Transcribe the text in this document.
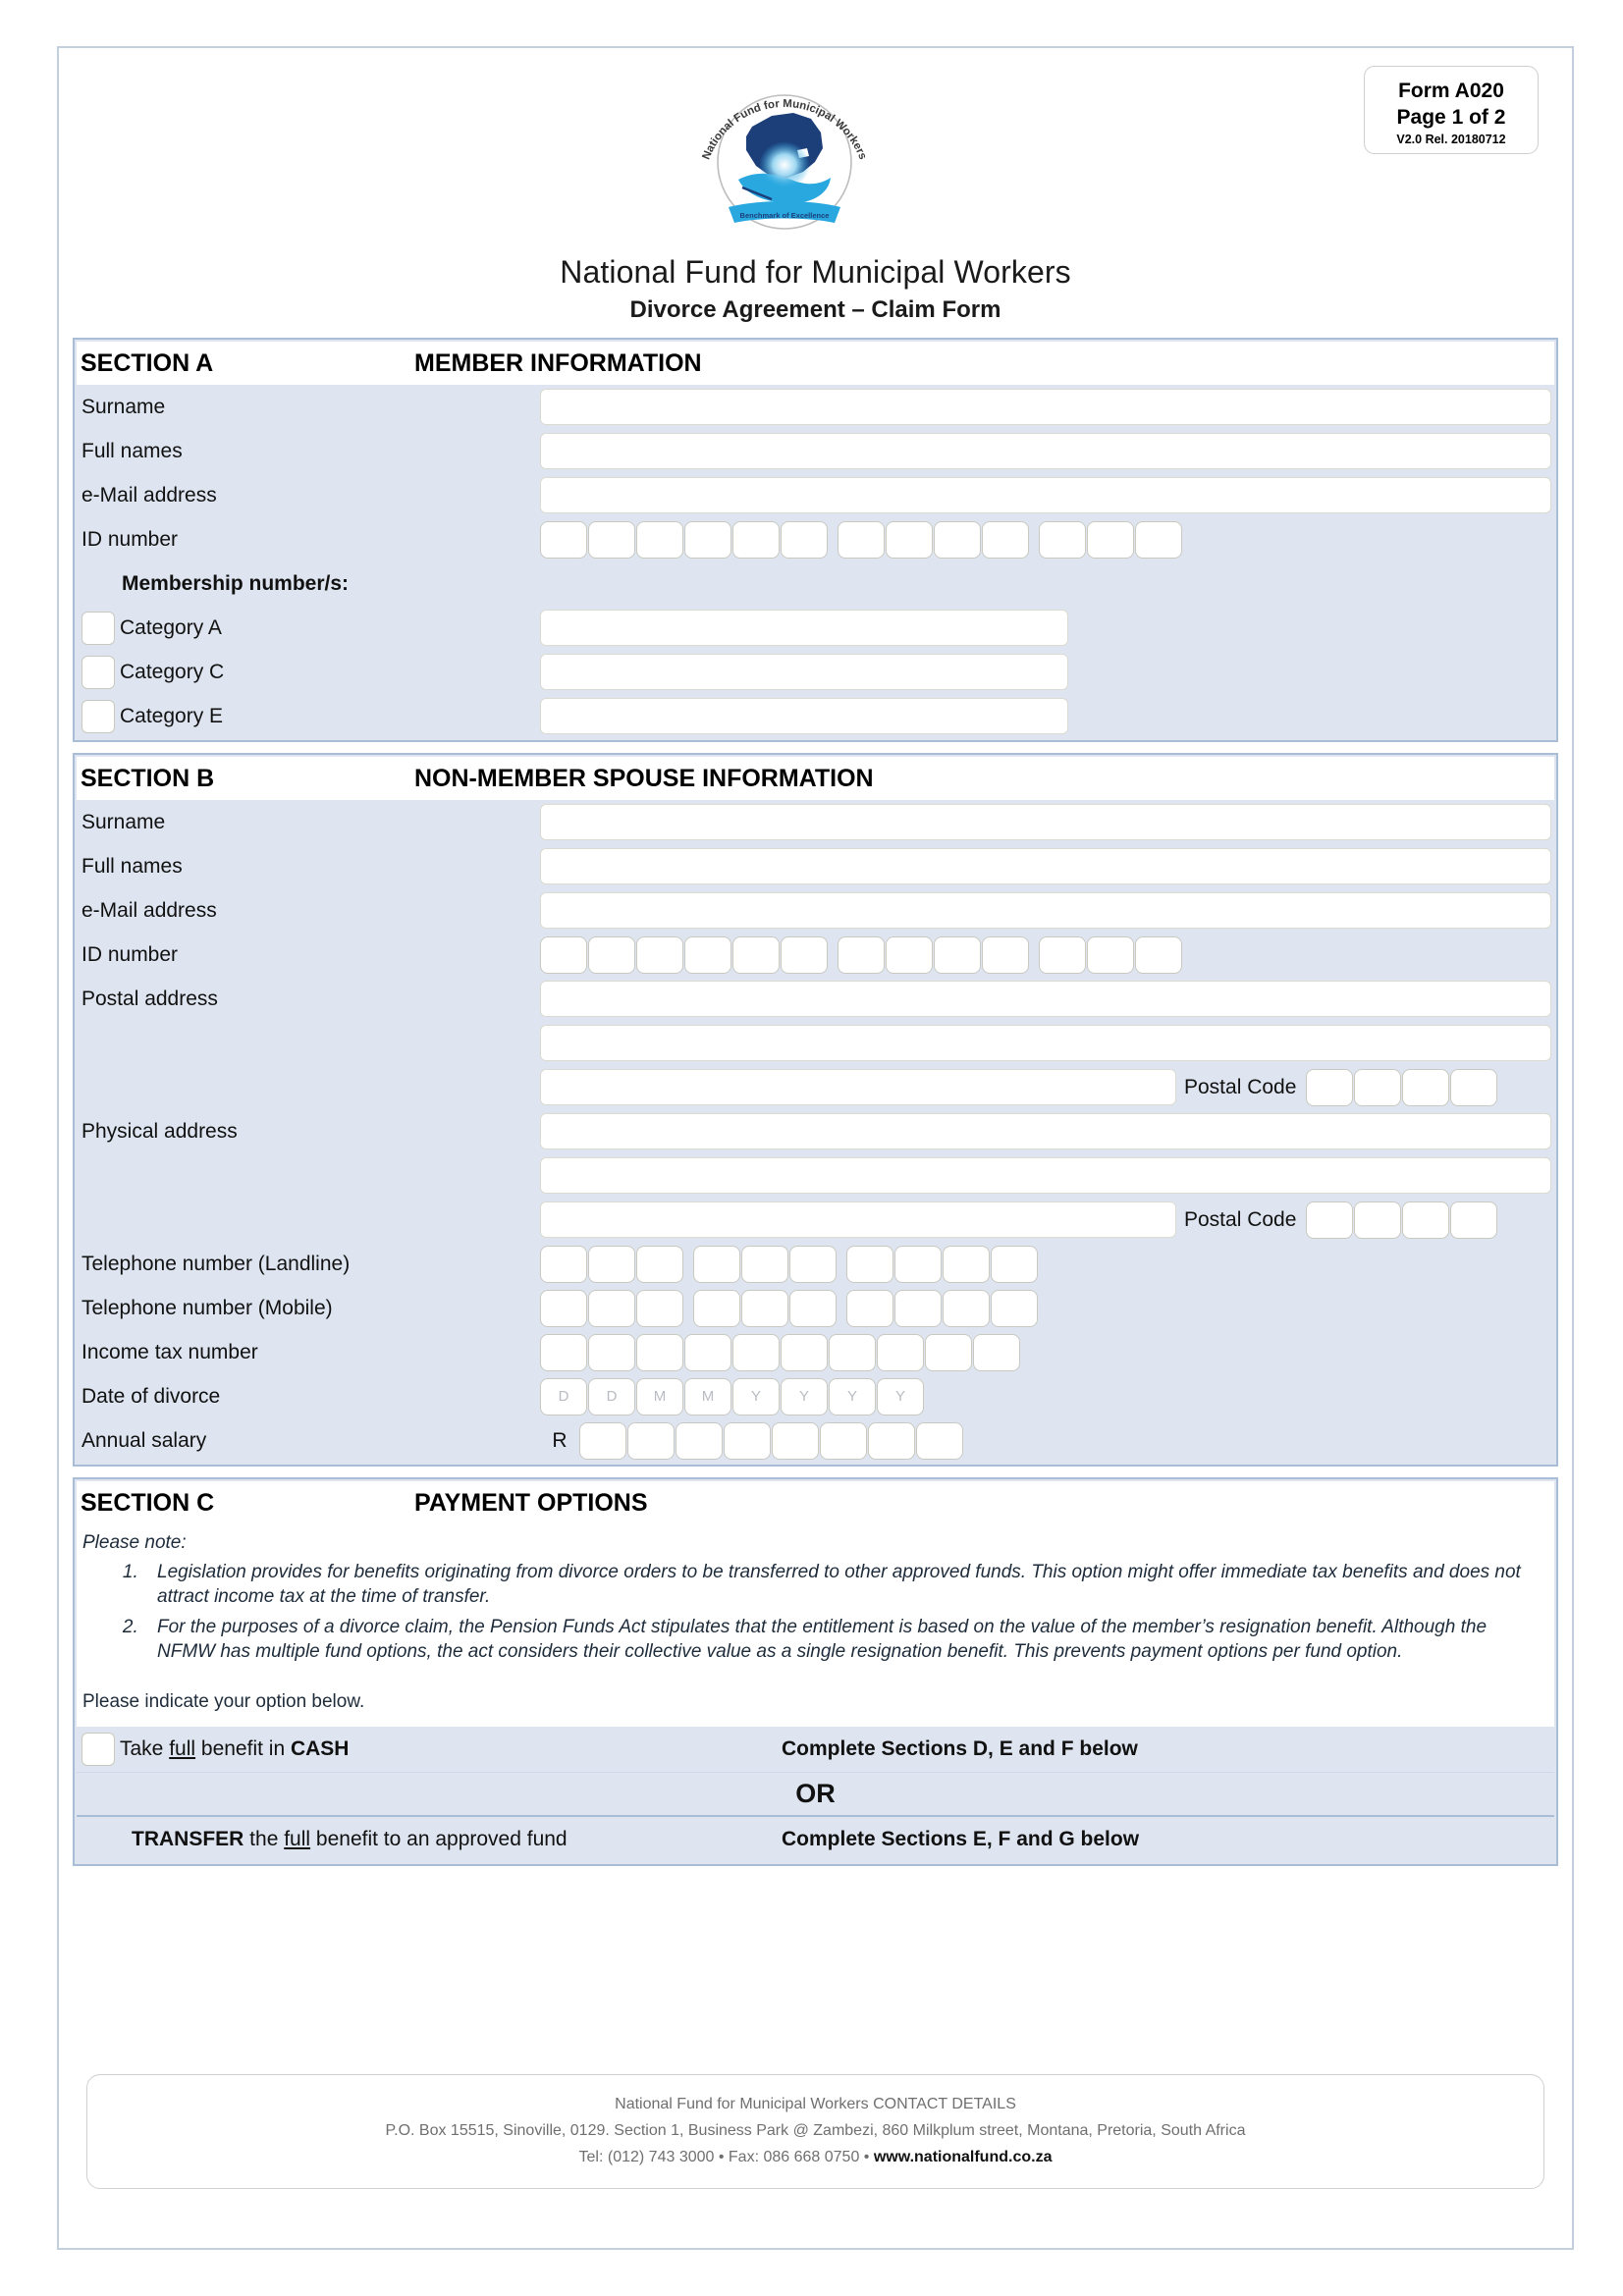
Benchmark of Excellence
National Fund for Municipal Workers
Form A020
Page 1 of 2
V2.0 Rel. 20180712
National Fund for Municipal Workers
Divorce Agreement – Claim Form
SECTION A	MEMBER INFORMATION
Surname
Full names
e-Mail address
ID number
Membership number/s:
Category A
Category C
Category E
SECTION B	NON-MEMBER SPOUSE INFORMATION
Surname
Full names
e-Mail address
ID number
Postal address
Postal Code
Physical address
Postal Code
Telephone number (Landline)
Telephone number (Mobile)
Income tax number
Date of divorce	D	D	M	M	Y	Y	Y	Y
Annual salary	R
SECTION C	PAYMENT OPTIONS
Please note:
1. Legislation provides for benefits originating from divorce orders to be transferred to other approved funds. This option might offer immediate tax benefits and does not attract income tax at the time of transfer.
2. For the purposes of a divorce claim, the Pension Funds Act stipulates that the entitlement is based on the value of the member’s resignation benefit. Although the NFMW has multiple fund options, the act considers their collective value as a single resignation benefit. This prevents payment options per fund option.
Please indicate your option below.
Take full benefit in CASH	Complete Sections D, E and F below
OR
TRANSFER the full benefit to an approved fund	Complete Sections E, F and G below
National Fund for Municipal Workers CONTACT DETAILS
P.O. Box 15515, Sinoville, 0129. Section 1, Business Park @ Zambezi, 860 Milkplum street, Montana, Pretoria, South Africa
Tel: (012) 743 3000 • Fax: 086 668 0750 • www.nationalfund.co.za
